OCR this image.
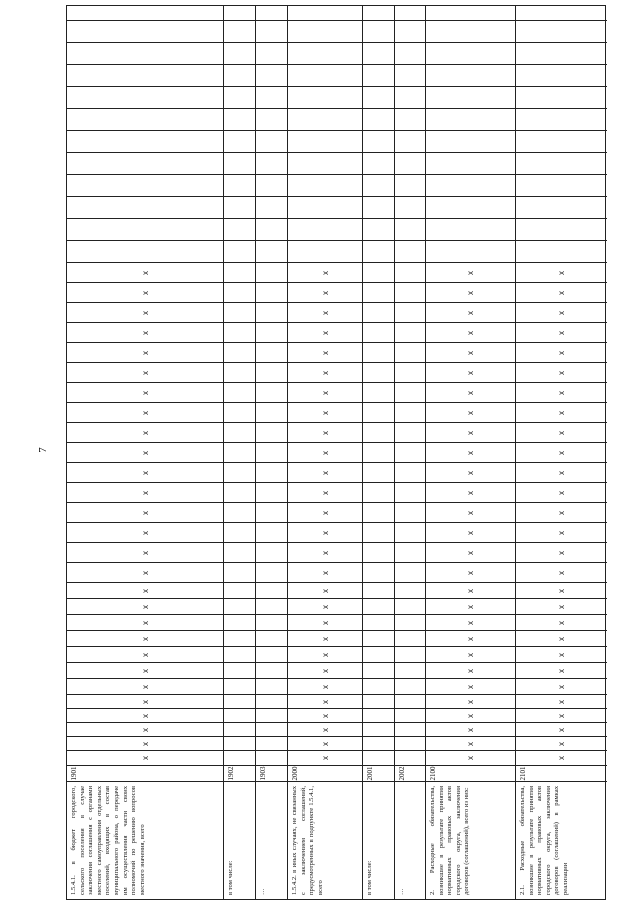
7
1.5.4.1. в бюджет городского, сельского поселения в случае заключения соглашения с органами местного самоуправления отдельных поселений, входящих в состав муниципального района, о передаче им осуществления части своих полномочий по решению вопросов местного значения, всего
1901
x
x
x
x
x
x
x
x
x
x
x
x
x
x
x
x
x
x
x
x
x
x
x
x
x
x
x
x
в том числе:
1902
…
1903
1.5.4.2. в иных случаях, не связанных с заключением соглашений, предусмотренных в подпункте 1.5.4.1, всего
2000
x
x
x
x
x
x
x
x
x
x
x
x
x
x
x
x
x
x
x
x
x
x
x
x
x
x
x
x
в том числе:
2001
…
2002
2. Расходные обязательства, возникшие в результате принятия нормативных правовых актов городского округа, заключения договоров (соглашений), всего из них:
2100
x
x
x
x
x
x
x
x
x
x
x
x
x
x
x
x
x
x
x
x
x
x
x
x
x
x
x
x
2.1. Расходные обязательства, возникшие в результате принятия нормативных правовых актов городского округа, заключения договоров (соглашений) в рамках реализации
2101
x
x
x
x
x
x
x
x
x
x
x
x
x
x
x
x
x
x
x
x
x
x
x
x
x
x
x
x
